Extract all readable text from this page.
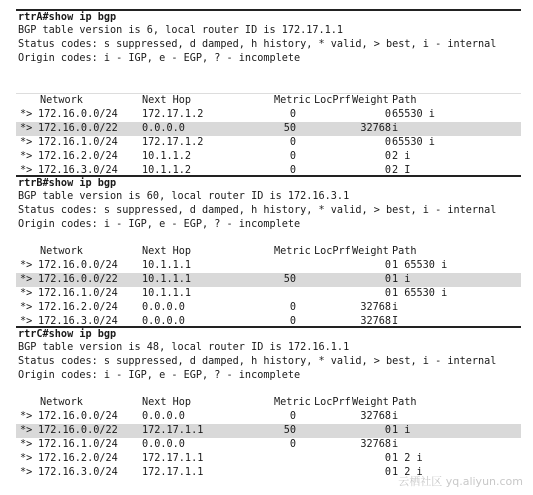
rtrA#show ip bgp
BGP table version is 6, local router ID is 172.17.1.1
Status codes: s suppressed, d damped, h history, * valid, > best, i - internal
Origin codes: i - IGP, e - EGP, ? - incomplete
Network	Next Hop	Metric LocPrf Weight Path
*> 172.16.0.0/24 172.17.1.2	0	0 65530 i
*> 172.16.0.0/22 0.0.0.0	50	32768 i
*> 172.16.1.0/24 172.17.1.2	0	0 65530 i
*> 172.16.2.0/24 10.1.1.2	0	0 2 i
*> 172.16.3.0/24 10.1.1.2	0	0 2 I
rtrB#show ip bgp
BGP table version is 60, local router ID is 172.16.3.1
Status codes: s suppressed, d damped, h history, * valid, > best, i - internal
Origin codes: i - IGP, e - EGP, ? - incomplete
Network	Next Hop	Metric LocPrf Weight Path
*> 172.16.0.0/24 10.1.1.1	0 1 65530 i
*> 172.16.0.0/22 10.1.1.1	50	0 1 i
*> 172.16.1.0/24 10.1.1.1	0 1 65530 i
*> 172.16.2.0/24 0.0.0.0	0	32768 i
*> 172.16.3.0/24 0.0.0.0	0	32768 I
rtrC#show ip bgp
BGP table version is 48, local router ID is 172.16.1.1
Status codes: s suppressed, d damped, h history, * valid, > best, i - internal
Origin codes: i - IGP, e - EGP, ? - incomplete
Network	Next Hop	Metric LocPrf Weight Path
*> 172.16.0.0/24 0.0.0.0	0	32768 i
*> 172.16.0.0/22 172.17.1.1	50	0 1 i
*> 172.16.1.0/24 0.0.0.0	0	32768 i
*> 172.16.2.0/24 172.17.1.1	0 1 2 i
*> 172.16.3.0/24 172.17.1.1	0 1 2 i
云栖社区 yq.aliyun.com
